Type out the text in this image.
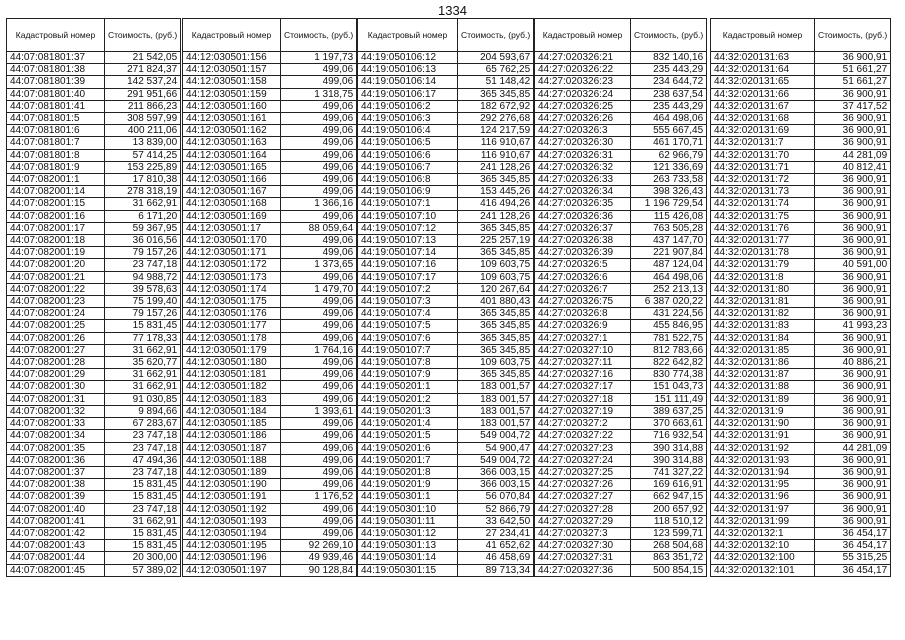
1334
Кадастровый номер	Стоимость, (руб.)
44:07:081801:37	21 542,05
44:07:081801:38	271 824,37
44:07:081801:39	142 537,24
44:07:081801:40	291 951,66
44:07:081801:41	211 866,23
44:07:081801:5	308 597,99
44:07:081801:6	400 211,06
44:07:081801:7	13 839,00
44:07:081801:8	57 414,25
44:07:081801:9	153 225,89
44:07:082001:1	17 810,38
44:07:082001:14	278 318,19
44:07:082001:15	31 662,91
44:07:082001:16	6 171,20
44:07:082001:17	59 367,95
44:07:082001:18	36 016,56
44:07:082001:19	79 157,26
44:07:082001:20	23 747,18
44:07:082001:21	94 988,72
44:07:082001:22	39 578,63
44:07:082001:23	75 199,40
44:07:082001:24	79 157,26
44:07:082001:25	15 831,45
44:07:082001:26	77 178,33
44:07:082001:27	31 662,91
44:07:082001:28	35 620,77
44:07:082001:29	31 662,91
44:07:082001:30	31 662,91
44:07:082001:31	91 030,85
44:07:082001:32	9 894,66
44:07:082001:33	67 283,67
44:07:082001:34	23 747,18
44:07:082001:35	23 747,18
44:07:082001:36	47 494,36
44:07:082001:37	23 747,18
44:07:082001:38	15 831,45
44:07:082001:39	15 831,45
44:07:082001:40	23 747,18
44:07:082001:41	31 662,91
44:07:082001:42	15 831,45
44:07:082001:43	15 831,45
44:07:082001:44	20 300,00
44:07:082001:45	57 389,02
Кадастровый номер	Стоимость, (руб.)
44:12:030501:156	1 197,73
44:12:030501:157	499,06
44:12:030501:158	499,06
44:12:030501:159	1 318,75
44:12:030501:160	499,06
44:12:030501:161	499,06
44:12:030501:162	499,06
44:12:030501:163	499,06
44:12:030501:164	499,06
44:12:030501:165	499,06
44:12:030501:166	499,06
44:12:030501:167	499,06
44:12:030501:168	1 366,16
44:12:030501:169	499,06
44:12:030501:17	88 059,64
44:12:030501:170	499,06
44:12:030501:171	499,06
44:12:030501:172	1 373,65
44:12:030501:173	499,06
44:12:030501:174	1 479,70
44:12:030501:175	499,06
44:12:030501:176	499,06
44:12:030501:177	499,06
44:12:030501:178	499,06
44:12:030501:179	1 764,16
44:12:030501:180	499,06
44:12:030501:181	499,06
44:12:030501:182	499,06
44:12:030501:183	499,06
44:12:030501:184	1 393,61
44:12:030501:185	499,06
44:12:030501:186	499,06
44:12:030501:187	499,06
44:12:030501:188	499,06
44:12:030501:189	499,06
44:12:030501:190	499,06
44:12:030501:191	1 176,52
44:12:030501:192	499,06
44:12:030501:193	499,06
44:12:030501:194	499,06
44:12:030501:195	92 269,10
44:12:030501:196	49 939,46
44:12:030501:197	90 128,84
Кадастровый номер	Стоимость, (руб.)
44:19:050106:12	204 593,67
44:19:050106:13	65 762,25
44:19:050106:14	51 148,42
44:19:050106:17	365 345,85
44:19:050106:2	182 672,92
44:19:050106:3	292 276,68
44:19:050106:4	124 217,59
44:19:050106:5	116 910,67
44:19:050106:6	116 910,67
44:19:050106:7	241 128,26
44:19:050106:8	365 345,85
44:19:050106:9	153 445,26
44:19:050107:1	416 494,26
44:19:050107:10	241 128,26
44:19:050107:12	365 345,85
44:19:050107:13	225 257,19
44:19:050107:14	365 345,85
44:19:050107:16	109 603,75
44:19:050107:17	109 603,75
44:19:050107:2	120 267,64
44:19:050107:3	401 880,43
44:19:050107:4	365 345,85
44:19:050107:5	365 345,85
44:19:050107:6	365 345,85
44:19:050107:7	365 345,85
44:19:050107:8	109 603,75
44:19:050107:9	365 345,85
44:19:050201:1	183 001,57
44:19:050201:2	183 001,57
44:19:050201:3	183 001,57
44:19:050201:4	183 001,57
44:19:050201:5	549 004,72
44:19:050201:6	54 900,47
44:19:050201:7	549 004,72
44:19:050201:8	366 003,15
44:19:050201:9	366 003,15
44:19:050301:1	56 070,84
44:19:050301:10	52 866,79
44:19:050301:11	33 642,50
44:19:050301:12	27 234,41
44:19:050301:13	41 652,62
44:19:050301:14	46 458,69
44:19:050301:15	89 713,34
Кадастровый номер	Стоимость, (руб.)
44:27:020326:21	832 140,16
44:27:020326:22	235 443,29
44:27:020326:23	234 644,72
44:27:020326:24	238 637,54
44:27:020326:25	235 443,29
44:27:020326:26	464 498,06
44:27:020326:3	555 667,45
44:27:020326:30	461 170,71
44:27:020326:31	62 966,79
44:27:020326:32	121 336,69
44:27:020326:33	263 733,58
44:27:020326:34	398 326,43
44:27:020326:35	1 196 729,54
44:27:020326:36	115 426,08
44:27:020326:37	763 505,28
44:27:020326:38	437 147,70
44:27:020326:39	221 907,84
44:27:020326:5	487 124,04
44:27:020326:6	464 498,06
44:27:020326:7	252 213,13
44:27:020326:75	6 387 020,22
44:27:020326:8	431 224,56
44:27:020326:9	455 846,95
44:27:020327:1	781 522,75
44:27:020327:10	812 783,66
44:27:020327:11	822 642,82
44:27:020327:16	830 774,38
44:27:020327:17	151 043,73
44:27:020327:18	151 111,49
44:27:020327:19	389 637,25
44:27:020327:2	370 663,61
44:27:020327:22	716 932,54
44:27:020327:23	390 314,88
44:27:020327:24	390 314,88
44:27:020327:25	741 327,22
44:27:020327:26	169 616,91
44:27:020327:27	662 947,15
44:27:020327:28	200 657,92
44:27:020327:29	118 510,12
44:27:020327:3	123 599,71
44:27:020327:30	268 504,68
44:27:020327:31	863 351,72
44:27:020327:36	500 854,15
Кадастровый номер	Стоимость, (руб.)
44:32:020131:63	36 900,91
44:32:020131:64	51 661,27
44:32:020131:65	51 661,27
44:32:020131:66	36 900,91
44:32:020131:67	37 417,52
44:32:020131:68	36 900,91
44:32:020131:69	36 900,91
44:32:020131:7	36 900,91
44:32:020131:70	44 281,09
44:32:020131:71	40 812,41
44:32:020131:72	36 900,91
44:32:020131:73	36 900,91
44:32:020131:74	36 900,91
44:32:020131:75	36 900,91
44:32:020131:76	36 900,91
44:32:020131:77	36 900,91
44:32:020131:78	36 900,91
44:32:020131:79	40 591,00
44:32:020131:8	36 900,91
44:32:020131:80	36 900,91
44:32:020131:81	36 900,91
44:32:020131:82	36 900,91
44:32:020131:83	41 993,23
44:32:020131:84	36 900,91
44:32:020131:85	36 900,91
44:32:020131:86	40 886,21
44:32:020131:87	36 900,91
44:32:020131:88	36 900,91
44:32:020131:89	36 900,91
44:32:020131:9	36 900,91
44:32:020131:90	36 900,91
44:32:020131:91	36 900,91
44:32:020131:92	44 281,09
44:32:020131:93	36 900,91
44:32:020131:94	36 900,91
44:32:020131:95	36 900,91
44:32:020131:96	36 900,91
44:32:020131:97	36 900,91
44:32:020131:99	36 900,91
44:32:020132:1	36 454,17
44:32:020132:10	36 454,17
44:32:020132:100	55 315,25
44:32:020132:101	36 454,17
